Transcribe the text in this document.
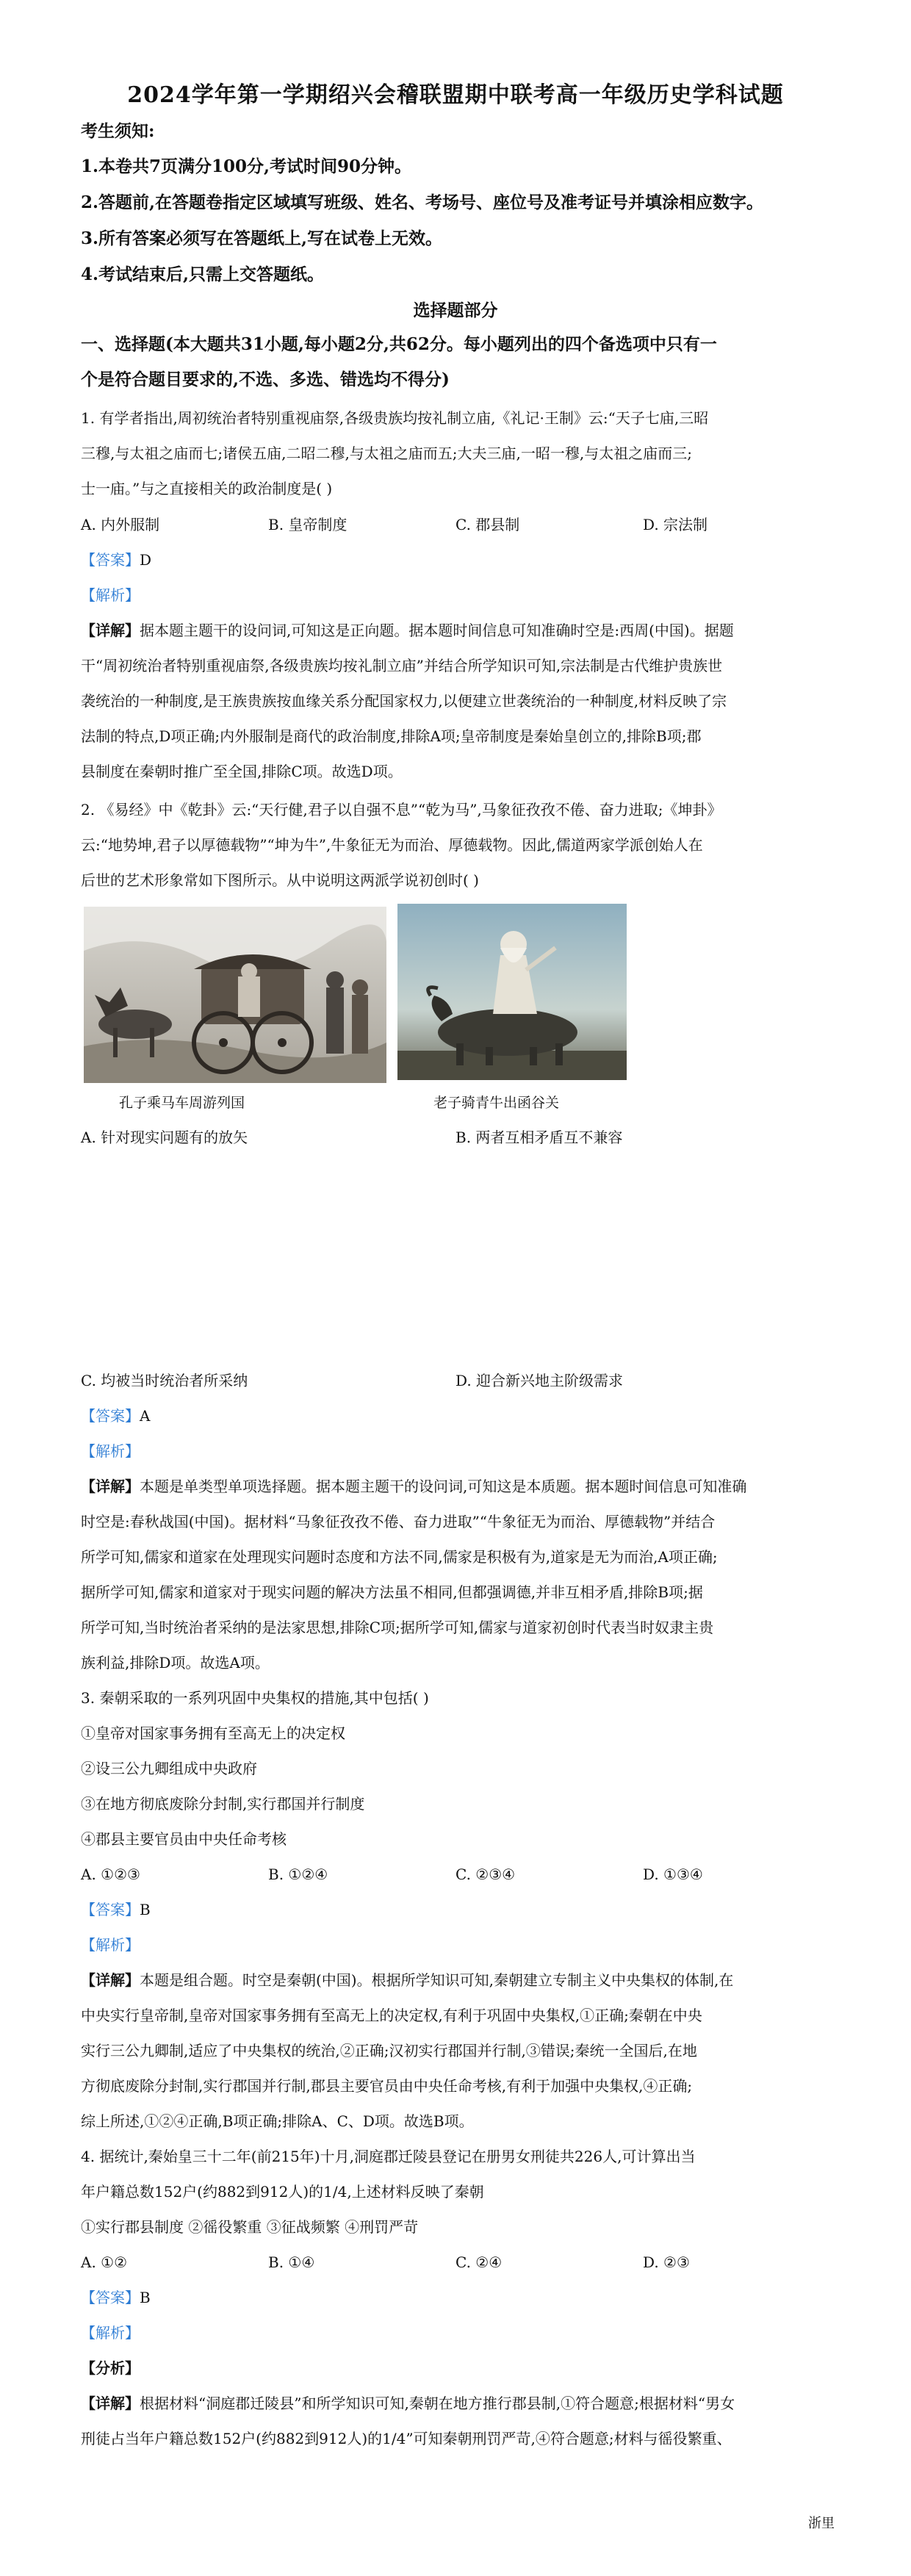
2024学年第一学期绍兴会稽联盟期中联考高一年级历史学科试题
考生须知:
1.本卷共7页满分100分,考试时间90分钟。
2.答题前,在答题卷指定区域填写班级、姓名、考场号、座位号及准考证号并填涂相应数字。
3.所有答案必须写在答题纸上,写在试卷上无效。
4.考试结束后,只需上交答题纸。
选择题部分
一、选择题(本大题共31小题,每小题2分,共62分。每小题列出的四个备选项中只有一
个是符合题目要求的,不选、多选、错选均不得分)
1. 有学者指出,周初统治者特别重视庙祭,各级贵族均按礼制立庙,《礼记·王制》云:“天子七庙,三昭
三穆,与太祖之庙而七;诸侯五庙,二昭二穆,与太祖之庙而五;大夫三庙,一昭一穆,与太祖之庙而三;
士一庙。”与之直接相关的政治制度是( )
A. 内外服制	B. 皇帝制度	C. 郡县制	D. 宗法制
【答案】D
【解析】
【详解】据本题主题干的设问词,可知这是正向题。据本题时间信息可知准确时空是:西周(中国)。据题
干“周初统治者特别重视庙祭,各级贵族均按礼制立庙”并结合所学知识可知,宗法制是古代维护贵族世
袭统治的一种制度,是王族贵族按血缘关系分配国家权力,以便建立世袭统治的一种制度,材料反映了宗
法制的特点,D项正确;内外服制是商代的政治制度,排除A项;皇帝制度是秦始皇创立的,排除B项;郡
县制度在秦朝时推广至全国,排除C项。故选D项。
2. 《易经》中《乾卦》云:“天行健,君子以自强不息”“乾为马”,马象征孜孜不倦、奋力进取;《坤卦》
云:“地势坤,君子以厚德载物”“坤为牛”,牛象征无为而治、厚德载物。因此,儒道两家学派创始人在
后世的艺术形象常如下图所示。从中说明这两派学说初创时( )
孔子乘马车周游列国	老子骑青牛出函谷关
A. 针对现实问题有的放矢	B. 两者互相矛盾互不兼容
C. 均被当时统治者所采纳	D. 迎合新兴地主阶级需求
【答案】A
【解析】
【详解】本题是单类型单项选择题。据本题主题干的设问词,可知这是本质题。据本题时间信息可知准确
时空是:春秋战国(中国)。据材料“马象征孜孜不倦、奋力进取”“牛象征无为而治、厚德载物”并结合
所学可知,儒家和道家在处理现实问题时态度和方法不同,儒家是积极有为,道家是无为而治,A项正确;
据所学可知,儒家和道家对于现实问题的解决方法虽不相同,但都强调德,并非互相矛盾,排除B项;据
所学可知,当时统治者采纳的是法家思想,排除C项;据所学可知,儒家与道家初创时代表当时奴隶主贵
族利益,排除D项。故选A项。
3. 秦朝采取的一系列巩固中央集权的措施,其中包括( )
①皇帝对国家事务拥有至高无上的决定权
②设三公九卿组成中央政府
③在地方彻底废除分封制,实行郡国并行制度
④郡县主要官员由中央任命考核
A. ①②③	B. ①②④	C. ②③④	D. ①③④
【答案】B
【解析】
【详解】本题是组合题。时空是秦朝(中国)。根据所学知识可知,秦朝建立专制主义中央集权的体制,在
中央实行皇帝制,皇帝对国家事务拥有至高无上的决定权,有利于巩固中央集权,①正确;秦朝在中央
实行三公九卿制,适应了中央集权的统治,②正确;汉初实行郡国并行制,③错误;秦统一全国后,在地
方彻底废除分封制,实行郡国并行制,郡县主要官员由中央任命考核,有利于加强中央集权,④正确;
综上所述,①②④正确,B项正确;排除A、C、D项。故选B项。
4. 据统计,秦始皇三十二年(前215年)十月,洞庭郡迁陵县登记在册男女刑徒共226人,可计算出当
年户籍总数152户(约882到912人)的1/4,上述材料反映了秦朝
①实行郡县制度 ②徭役繁重 ③征战频繁 ④刑罚严苛
A. ①②	B. ①④	C. ②④	D. ②③
【答案】B
【解析】
【分析】
【详解】根据材料“洞庭郡迁陵县”和所学知识可知,秦朝在地方推行郡县制,①符合题意;根据材料“男女
刑徒占当年户籍总数152户(约882到912人)的1/4”可知秦朝刑罚严苛,④符合题意;材料与徭役繁重、
浙里
